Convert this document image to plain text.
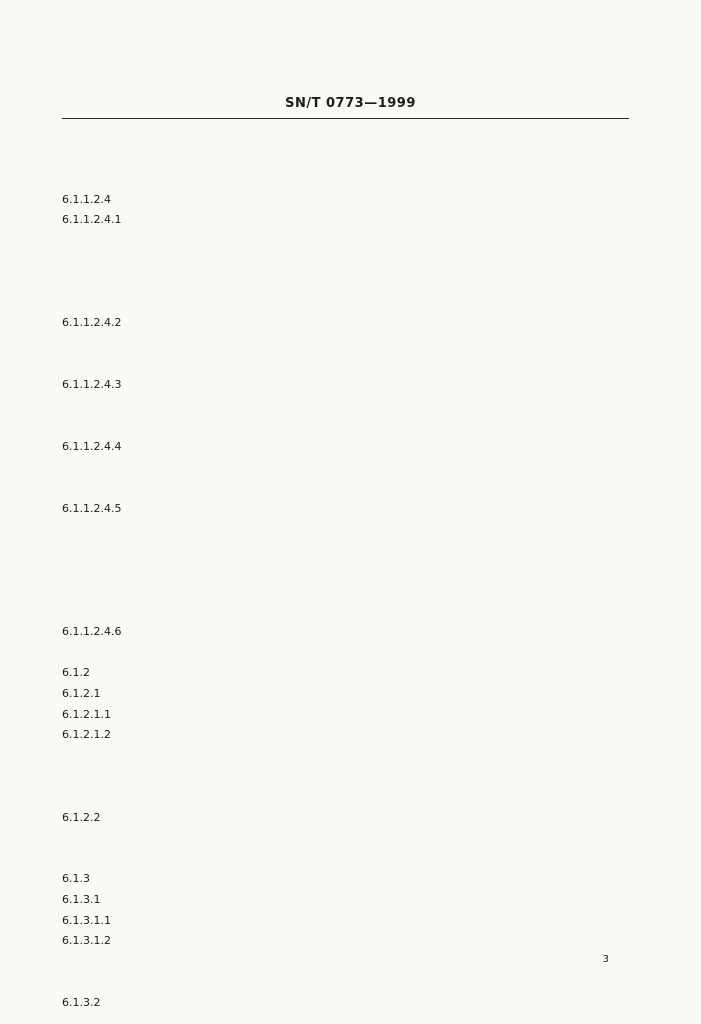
SN/T 0773—1999
6.1.1.2.4
6.1.1.2.4.1
6.1.1.2.4.2
6.1.1.2.4.3
6.1.1.2.4.4
6.1.1.2.4.5
6.1.1.2.4.6
6.1.2
6.1.2.1
6.1.2.1.1
6.1.2.1.2
6.1.2.2
6.1.3
6.1.3.1
6.1.3.1.1
6.1.3.1.2
6.1.3.2
3
